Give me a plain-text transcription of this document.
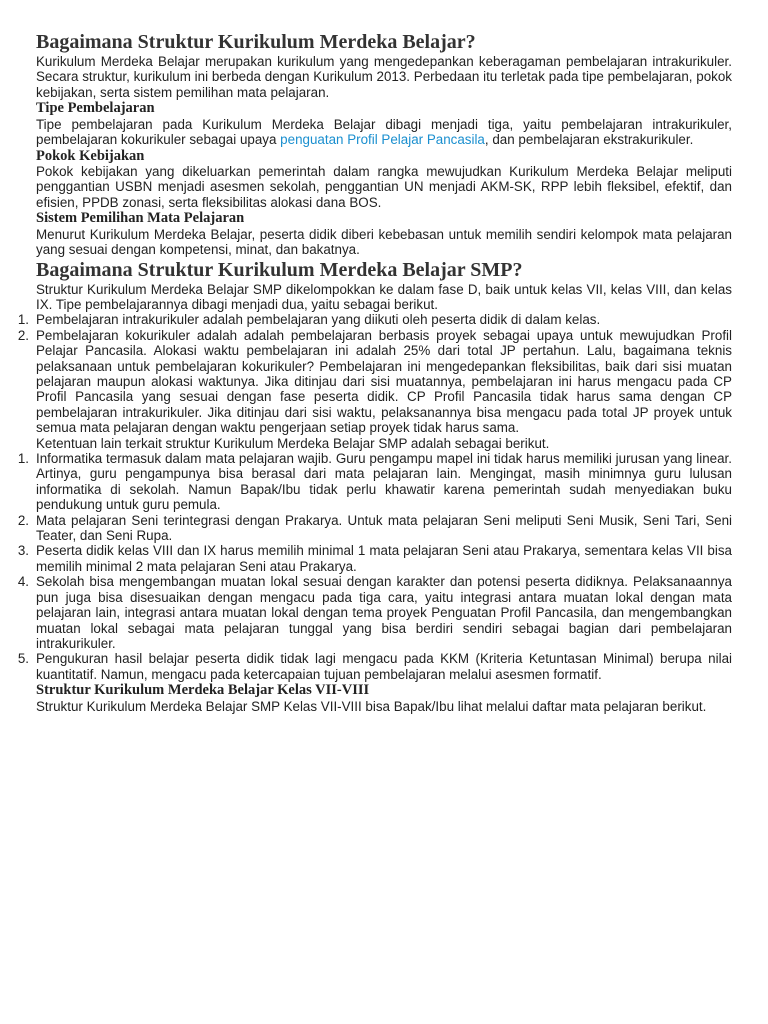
Bagaimana Struktur Kurikulum Merdeka Belajar?

Kurikulum Merdeka Belajar merupakan kurikulum yang mengedepankan keberagaman pembelajaran intrakurikuler. Secara struktur, kurikulum ini berbeda dengan Kurikulum 2013. Perbedaan itu terletak pada tipe pembelajaran, pokok kebijakan, serta sistem pemilihan mata pelajaran.

Tipe Pembelajaran

Tipe pembelajaran pada Kurikulum Merdeka Belajar dibagi menjadi tiga, yaitu pembelajaran intrakurikuler, pembelajaran kokurikuler sebagai upaya penguatan Profil Pelajar Pancasila, dan pembelajaran ekstrakurikuler.

Pokok Kebijakan

Pokok kebijakan yang dikeluarkan pemerintah dalam rangka mewujudkan Kurikulum Merdeka Belajar meliputi penggantian USBN menjadi asesmen sekolah, penggantian UN menjadi AKM-SK, RPP lebih fleksibel, efektif, dan efisien, PPDB zonasi, serta fleksibilitas alokasi dana BOS.

Sistem Pemilihan Mata Pelajaran

Menurut Kurikulum Merdeka Belajar, peserta didik diberi kebebasan untuk memilih sendiri kelompok mata pelajaran yang sesuai dengan kompetensi, minat, dan bakatnya.

Bagaimana Struktur Kurikulum Merdeka Belajar SMP?

Struktur Kurikulum Merdeka Belajar SMP dikelompokkan ke dalam fase D, baik untuk kelas VII, kelas VIII, dan kelas IX. Tipe pembelajarannya dibagi menjadi dua, yaitu sebagai berikut.

1. Pembelajaran intrakurikuler adalah pembelajaran yang diikuti oleh peserta didik di dalam kelas.
2. Pembelajaran kokurikuler adalah adalah pembelajaran berbasis proyek sebagai upaya untuk mewujudkan Profil Pelajar Pancasila. Alokasi waktu pembelajaran ini adalah 25% dari total JP pertahun. Lalu, bagaimana teknis pelaksanaan untuk pembelajaran kokurikuler? Pembelajaran ini mengedepankan fleksibilitas, baik dari sisi muatan pelajaran maupun alokasi waktunya. Jika ditinjau dari sisi muatannya, pembelajaran ini harus mengacu pada CP Profil Pancasila yang sesuai dengan fase peserta didik. CP Profil Pancasila tidak harus sama dengan CP pembelajaran intrakurikuler. Jika ditinjau dari sisi waktu, pelaksanannya bisa mengacu pada total JP proyek untuk semua mata pelajaran dengan waktu pengerjaan setiap proyek tidak harus sama.

Ketentuan lain terkait struktur Kurikulum Merdeka Belajar SMP adalah sebagai berikut.

1. Informatika termasuk dalam mata pelajaran wajib. Guru pengampu mapel ini tidak harus memiliki jurusan yang linear. Artinya, guru pengampunya bisa berasal dari mata pelajaran lain. Mengingat, masih minimnya guru lulusan informatika di sekolah. Namun Bapak/Ibu tidak perlu khawatir karena pemerintah sudah menyediakan buku pendukung untuk guru pemula.
2. Mata pelajaran Seni terintegrasi dengan Prakarya. Untuk mata pelajaran Seni meliputi Seni Musik, Seni Tari, Seni Teater, dan Seni Rupa.
3. Peserta didik kelas VIII dan IX harus memilih minimal 1 mata pelajaran Seni atau Prakarya, sementara kelas VII bisa memilih minimal 2 mata pelajaran Seni atau Prakarya.
4. Sekolah bisa mengembangan muatan lokal sesuai dengan karakter dan potensi peserta didiknya. Pelaksanaannya pun juga bisa disesuaikan dengan mengacu pada tiga cara, yaitu integrasi antara muatan lokal dengan mata pelajaran lain, integrasi antara muatan lokal dengan tema proyek Penguatan Profil Pancasila, dan mengembangkan muatan lokal sebagai mata pelajaran tunggal yang bisa berdiri sendiri sebagai bagian dari pembelajaran intrakurikuler.
5. Pengukuran hasil belajar peserta didik tidak lagi mengacu pada KKM (Kriteria Ketuntasan Minimal) berupa nilai kuantitatif. Namun, mengacu pada ketercapaian tujuan pembelajaran melalui asesmen formatif.
Struktur Kurikulum Merdeka Belajar Kelas VII-VIII

Struktur Kurikulum Merdeka Belajar SMP Kelas VII-VIII bisa Bapak/Ibu lihat melalui daftar mata pelajaran berikut.
